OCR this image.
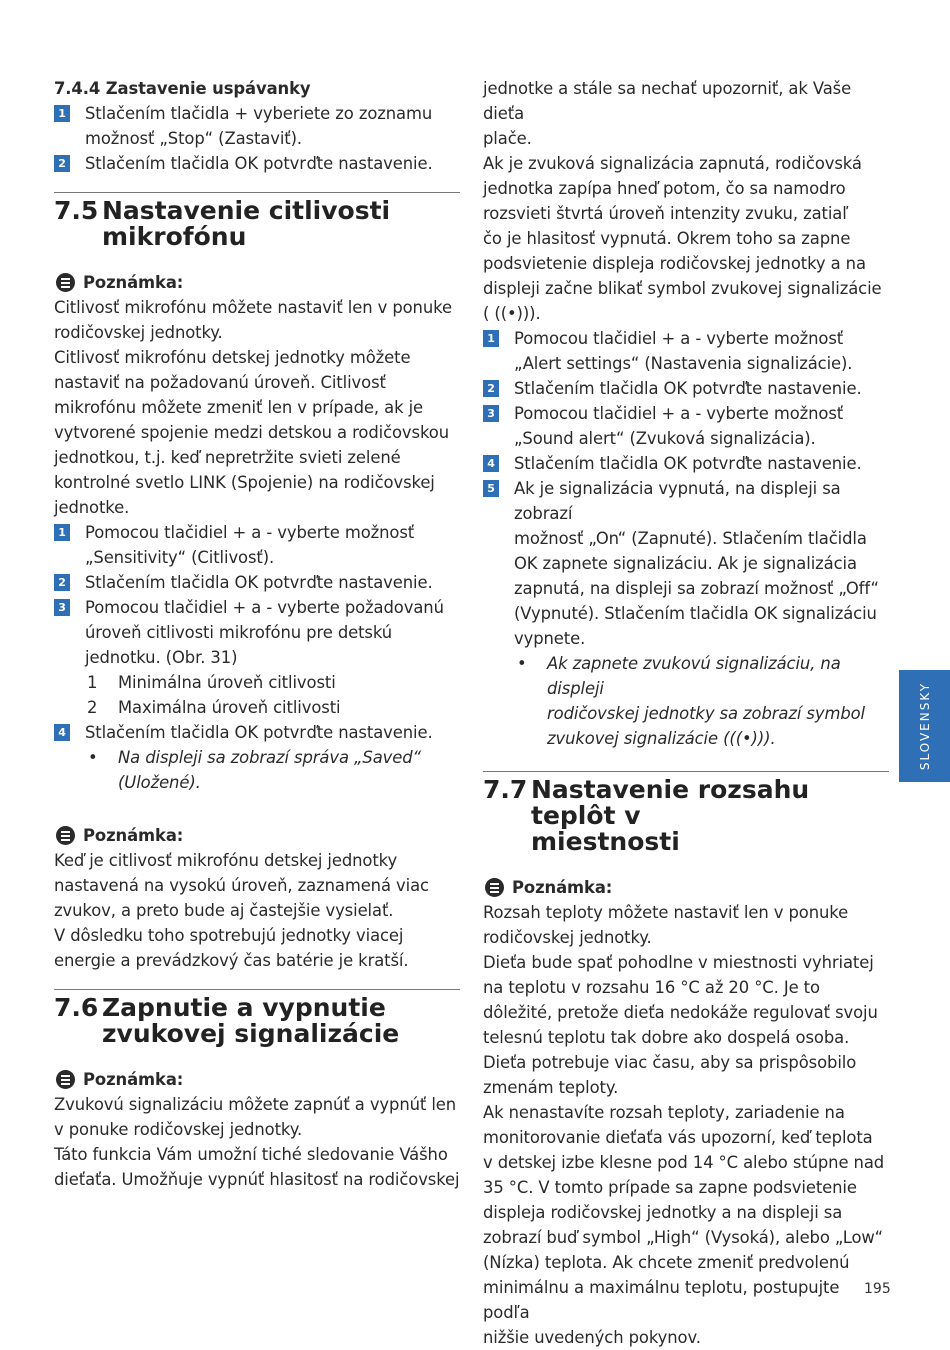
7.4.4 Zastavenie uspávanky

1 Stlačením tlačidla + vyberiete zo zoznamu
možnosť „Stop“ (Zastaviť).
2 Stlačením tlačidla OK potvrďte nastavenie.
7.5 Nastavenie citlivosti
mikrofónu
Poznámka:

Citlivosť mikrofónu môžete nastaviť len v ponuke

rodičovskej jednotky.

Citlivosť mikrofónu detskej jednotky môžete

nastaviť na požadovanú úroveň. Citlivosť

mikrofónu môžete zmeniť len v prípade, ak je

vytvorené spojenie medzi detskou a rodičovskou

jednotkou, t.j. keď nepretržite svieti zelené

kontrolné svetlo LINK (Spojenie) na rodičovskej

jednotke.

1 Pomocou tlačidiel + a - vyberte možnosť
„Sensitivity“ (Citlivosť).
2 Stlačením tlačidla OK potvrďte nastavenie.
3 Pomocou tlačidiel + a - vyberte požadovanú
úroveň citlivosti mikrofónu pre detskú
jednotku. (Obr. 31)
1 Minimálna úroveň citlivosti
2 Maximálna úroveň citlivosti
4 Stlačením tlačidla OK potvrďte nastavenie.
• Na displeji sa zobrazí správa „Saved“
(Uložené).
Poznámka:

Keď je citlivosť mikrofónu detskej jednotky

nastavená na vysokú úroveň, zaznamená viac

zvukov, a preto bude aj častejšie vysielať.

V dôsledku toho spotrebujú jednotky viacej

energie a prevádzkový čas batérie je kratší.

7.6 Zapnutie a vypnutie
zvukovej signalizácie
Poznámka:

Zvukovú signalizáciu môžete zapnúť a vypnúť len

v ponuke rodičovskej jednotky.

Táto funkcia Vám umožní tiché sledovanie Vášho

dieťaťa. Umožňuje vypnúť hlasitosť na rodičovskej

jednotke a stále sa nechať upozorniť, ak Vaše dieťa

plače.

Ak je zvuková signalizácia zapnutá, rodičovská

jednotka zapípa hneď potom, čo sa namodro

rozsvieti štvrtá úroveň intenzity zvuku, zatiaľ

čo je hlasitosť vypnutá. Okrem toho sa zapne

podsvietenie displeja rodičovskej jednotky a na

displeji začne blikať symbol zvukovej signalizácie

( ((•))).

1 Pomocou tlačidiel + a - vyberte možnosť
„Alert settings“ (Nastavenia signalizácie).
2 Stlačením tlačidla OK potvrďte nastavenie.
3 Pomocou tlačidiel + a - vyberte možnosť
„Sound alert“ (Zvuková signalizácia).
4 Stlačením tlačidla OK potvrďte nastavenie.
5 Ak je signalizácia vypnutá, na displeji sa zobrazí
možnosť „On“ (Zapnuté). Stlačením tlačidla
OK zapnete signalizáciu. Ak je signalizácia
zapnutá, na displeji sa zobrazí možnosť „Off“
(Vypnuté). Stlačením tlačidla OK signalizáciu
vypnete.
• Ak zapnete zvukovú signalizáciu, na displeji
rodičovskej jednotky sa zobrazí symbol
zvukovej signalizácie (((•))).
7.7 Nastavenie rozsahu teplôt v
miestnosti
Poznámka:

Rozsah teploty môžete nastaviť len v ponuke

rodičovskej jednotky.

Dieťa bude spať pohodlne v miestnosti vyhriatej

na teplotu v rozsahu 16 °C až 20 °C. Je to

dôležité, pretože dieťa nedokáže regulovať svoju

telesnú teplotu tak dobre ako dospelá osoba.

Dieťa potrebuje viac času, aby sa prispôsobilo

zmenám teploty.

Ak nenastavíte rozsah teploty, zariadenie na

monitorovanie dieťaťa vás upozorní, keď teplota

v detskej izbe klesne pod 14 °C alebo stúpne nad

35 °C. V tomto prípade sa zapne podsvietenie

displeja rodičovskej jednotky a na displeji sa

zobrazí buď symbol „High“ (Vysoká), alebo „Low“

(Nízka) teplota. Ak chcete zmeniť predvolenú

minimálnu a maximálnu teplotu, postupujte podľa

nižšie uvedených pokynov.

SLOVENSKY
195
